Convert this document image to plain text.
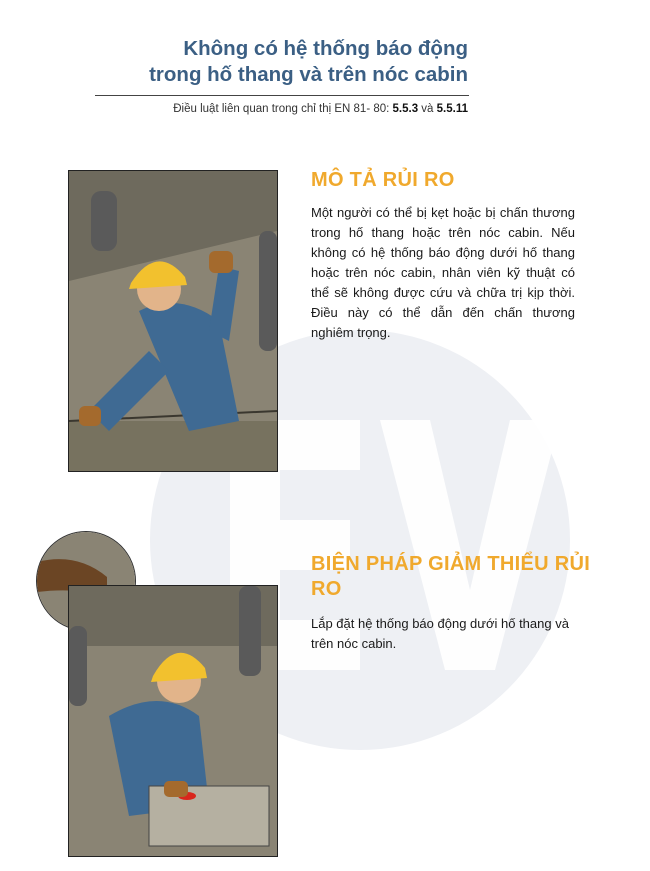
Không có hệ thống báo động
trong hố thang và trên nóc cabin
Điều luật liên quan trong chỉ thị EN 81- 80: 5.5.3 và 5.5.11
MÔ TẢ RỦI RO

Một người có thể bị kẹt hoặc bị chấn thương trong hố thang hoặc trên nóc cabin. Nếu không có hệ thống báo động dưới hố thang hoặc trên nóc cabin, nhân viên kỹ thuật có thể sẽ không được cứu và chữa trị kịp thời. Điều này có thể dẫn đến chấn thương nghiêm trọng.

BIỆN PHÁP GIẢM THIỂU RỦI RO

Lắp đặt hệ thống báo động dưới hố thang và trên nóc cabin.
